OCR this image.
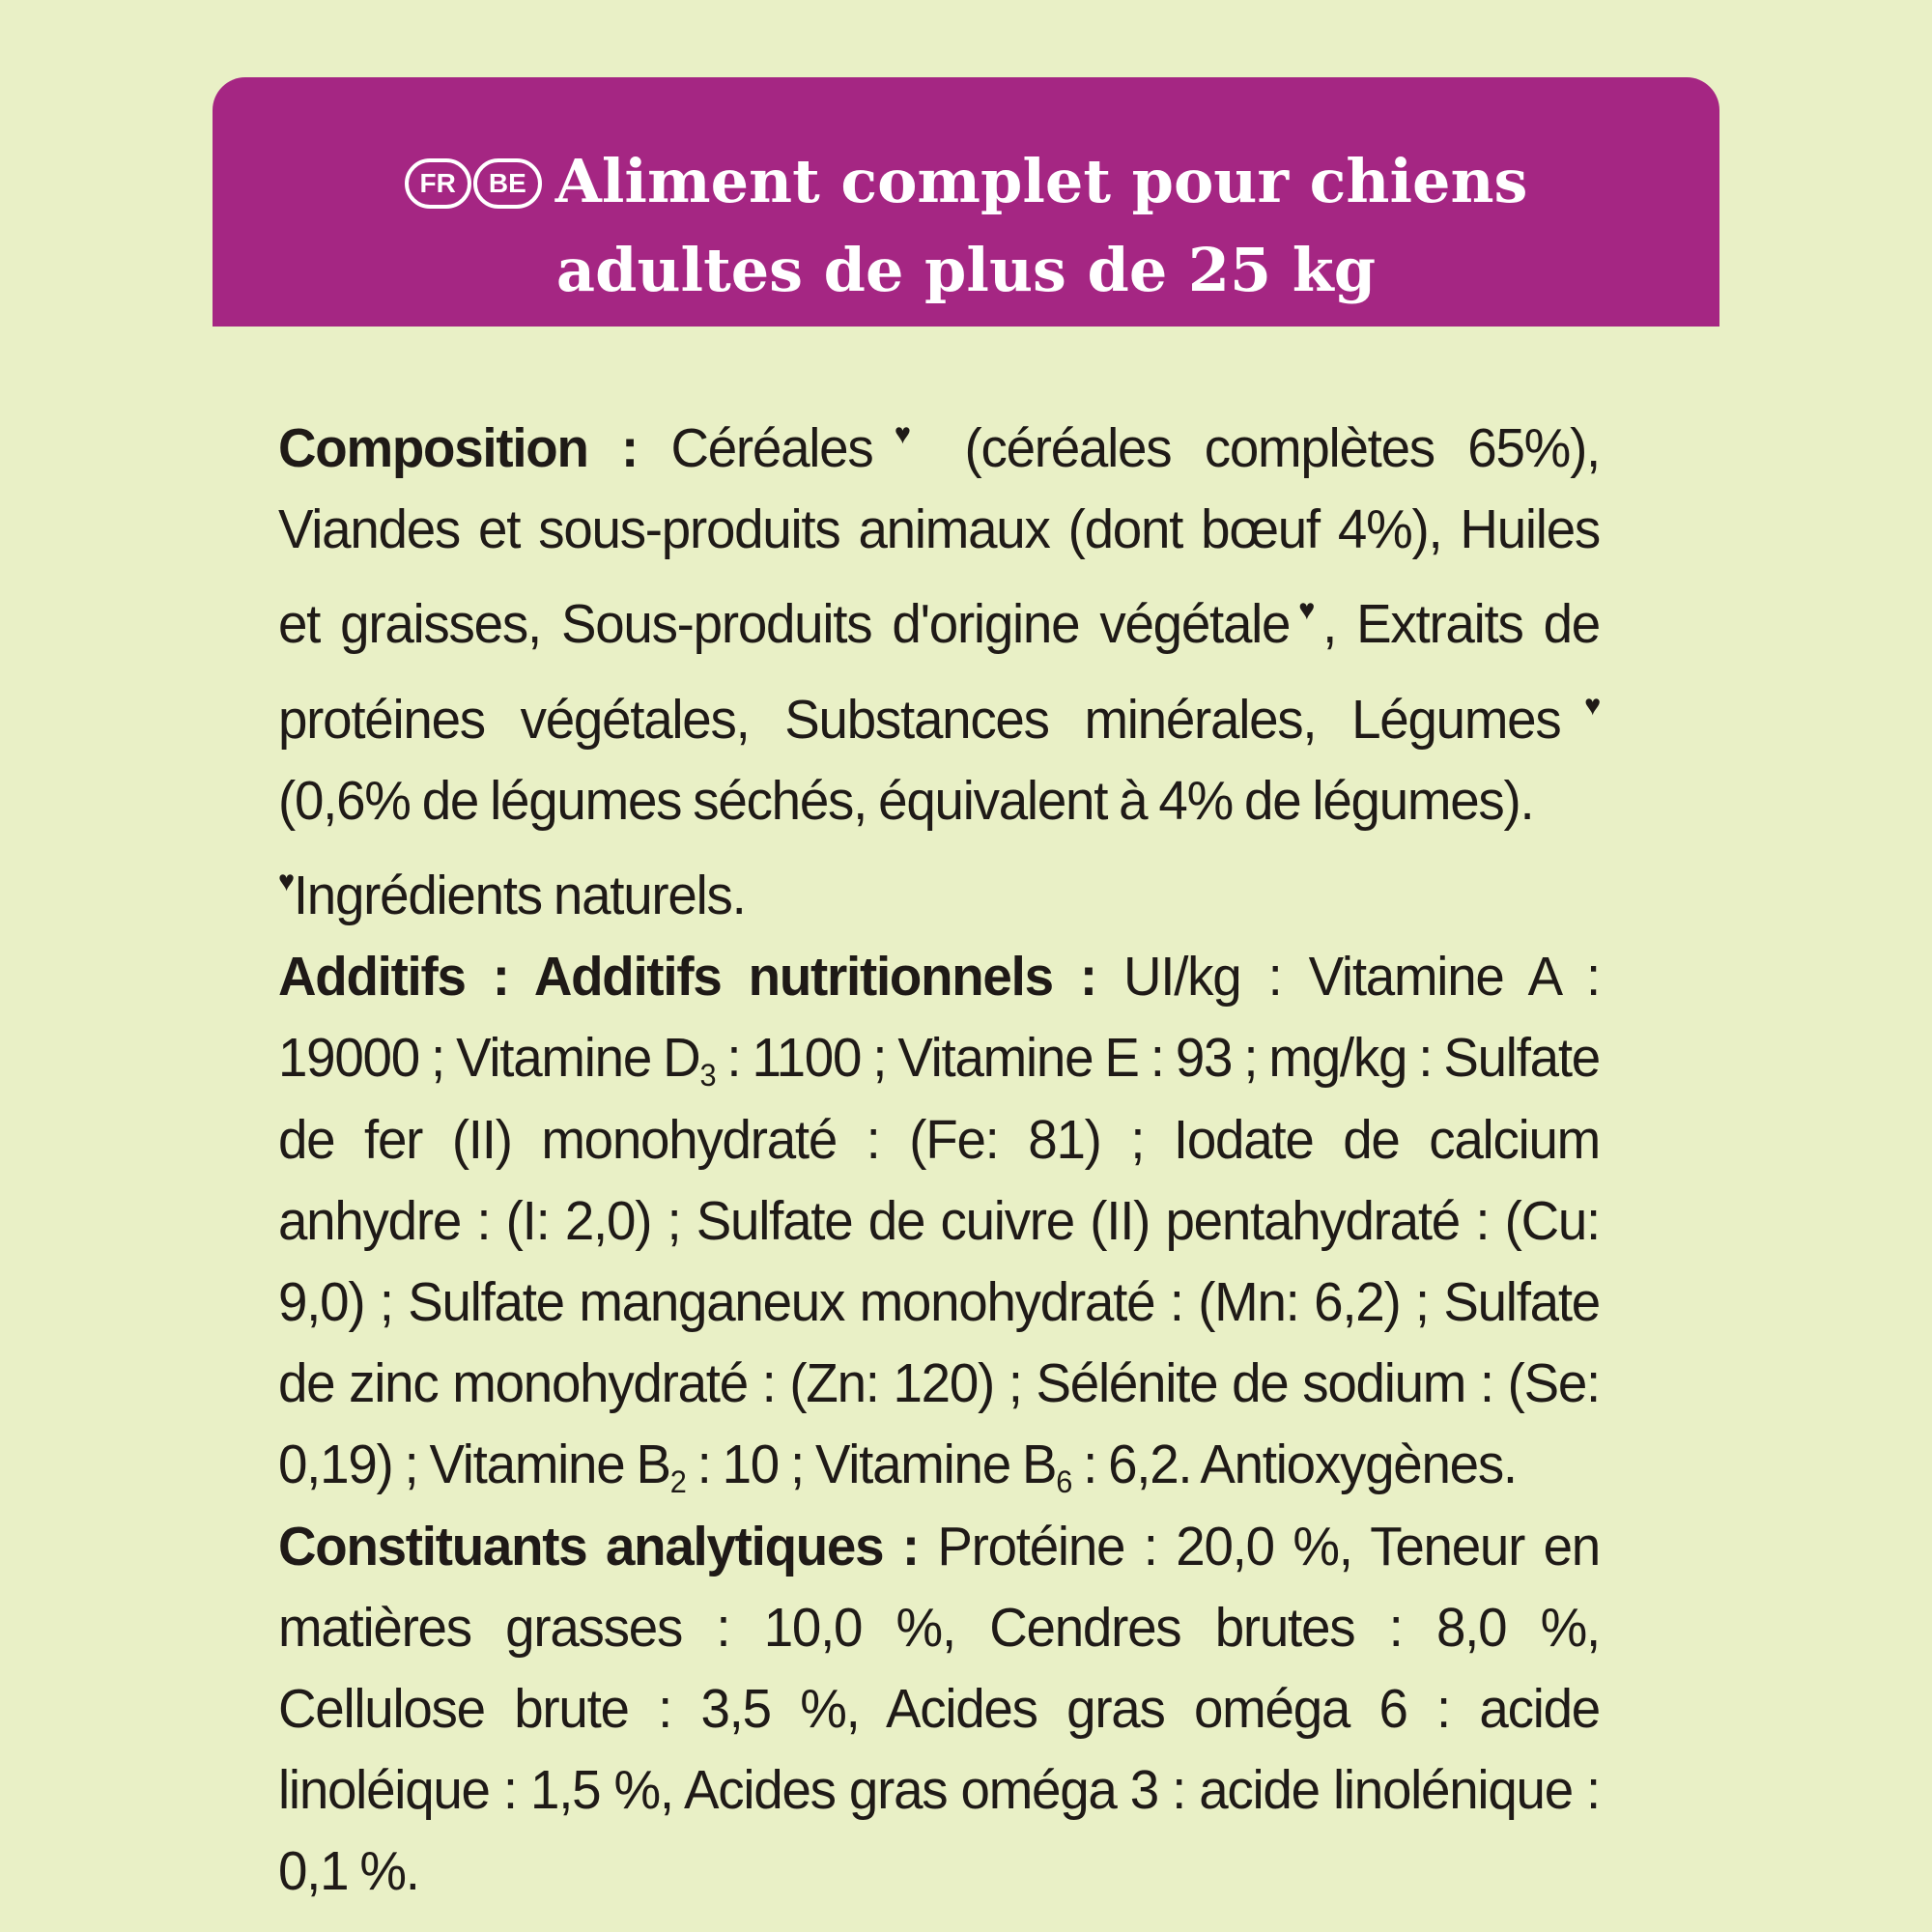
FR BE Aliment complet pour chiens
adultes de plus de 25 kg

Composition : Céréales♥ (céréales complètes 65%), Viandes et sous-produits animaux (dont bœuf 4%), Huiles et graisses, Sous-produits d'origine végétale♥, Extraits de protéines végétales, Substances minérales, Légumes♥ (0,6% de légumes séchés, équivalent à 4% de légumes).

♥Ingrédients naturels.

Additifs : Additifs nutritionnels : UI/kg : Vitamine A : 19000 ; Vitamine $D_3$ : 1100 ; Vitamine E : 93 ; mg/kg : Sulfate de fer (II) monohydraté : (Fe: 81) ; Iodate de calcium anhydre : (I: 2,0) ; Sulfate de cuivre (II) pentahydraté : (Cu: 9,0) ; Sulfate manganeux monohydraté : (Mn: 6,2) ; Sulfate de zinc monohydraté : (Zn: 120) ; Sélénite de sodium : (Se: 0,19) ; Vitamine $B_2$ : 10 ; Vitamine $B_6$ : 6,2. Antioxygènes.

Constituants analytiques : Protéine : 20,0 %, Teneur en matières grasses : 10,0 %, Cendres brutes : 8,0 %, Cellulose brute : 3,5 %, Acides gras oméga 6 : acide linoléique : 1,5 %, Acides gras oméga 3 : acide linolénique : 0,1 %.
